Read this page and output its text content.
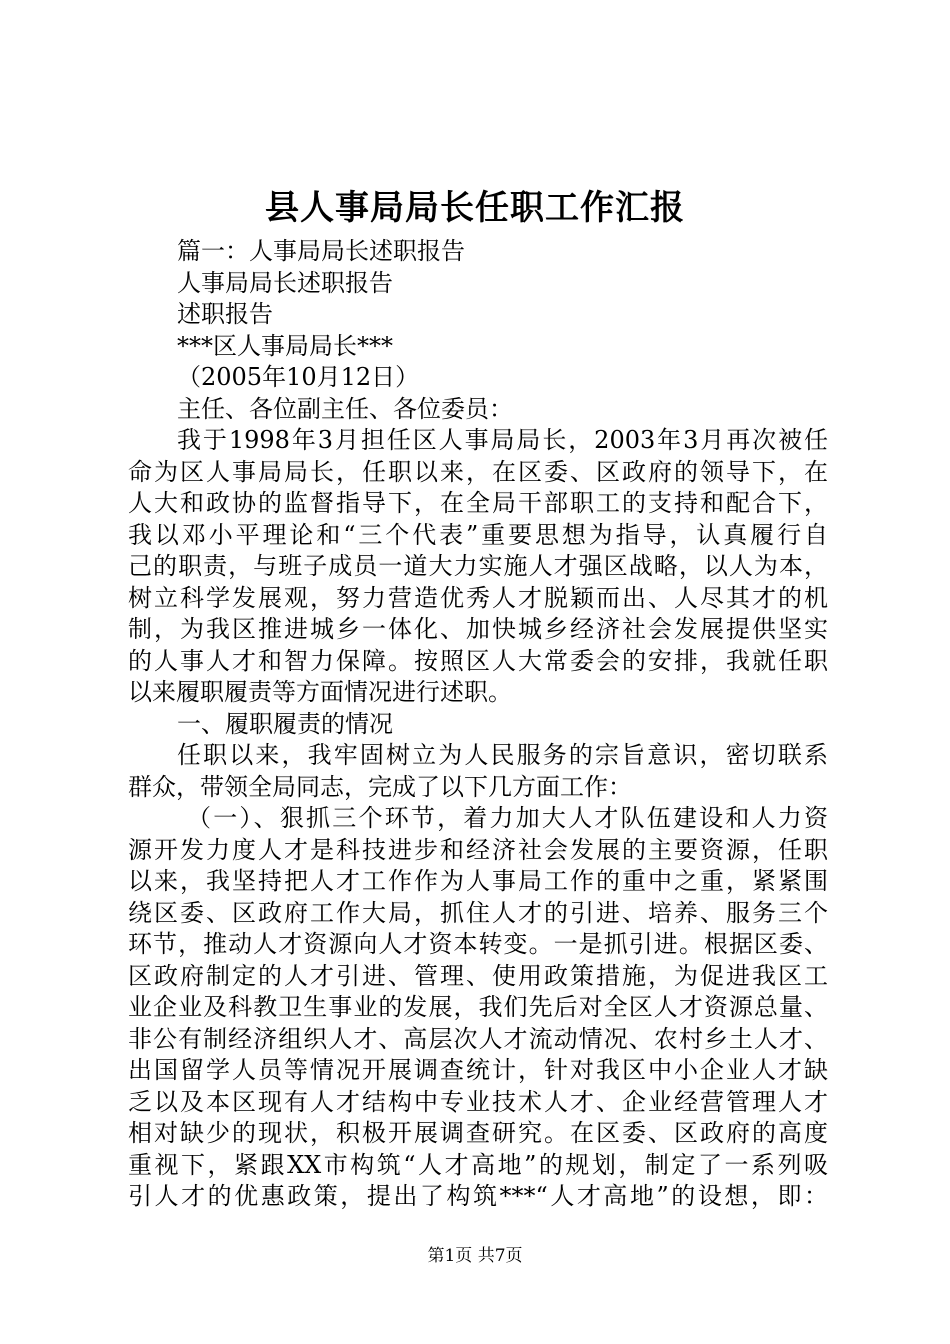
县人事局局长任职工作汇报

篇一：人事局局长述职报告

人事局局长述职报告

述职报告

***区人事局局长***

（2005年10月12日）

主任、各位副主任、各位委员：

我于1998年3月担任区人事局局长，2003年3月再次被任

命为区人事局局长，任职以来，在区委、区政府的领导下，在

人大和政协的监督指导下，在全局干部职工的支持和配合下，

我以邓小平理论和“三个代表”重要思想为指导，认真履行自

己的职责，与班子成员一道大力实施人才强区战略，以人为本，

树立科学发展观，努力营造优秀人才脱颖而出、人尽其才的机

制，为我区推进城乡一体化、加快城乡经济社会发展提供坚实

的人事人才和智力保障。按照区人大常委会的安排，我就任职

以来履职履责等方面情况进行述职。

一、履职履责的情况

任职以来，我牢固树立为人民服务的宗旨意识，密切联系

群众，带领全局同志，完成了以下几方面工作：

（一）、狠抓三个环节，着力加大人才队伍建设和人力资

源开发力度人才是科技进步和经济社会发展的主要资源，任职

以来，我坚持把人才工作作为人事局工作的重中之重，紧紧围

绕区委、区政府工作大局，抓住人才的引进、培养、服务三个

环节，推动人才资源向人才资本转变。一是抓引进。根据区委、

区政府制定的人才引进、管理、使用政策措施，为促进我区工

业企业及科教卫生事业的发展，我们先后对全区人才资源总量、

非公有制经济组织人才、高层次人才流动情况、农村乡土人才、

出国留学人员等情况开展调查统计，针对我区中小企业人才缺

乏以及本区现有人才结构中专业技术人才、企业经营管理人才

相对缺少的现状，积极开展调查研究。在区委、区政府的高度

重视下，紧跟XX市构筑“人才高地”的规划，制定了一系列吸

引人才的优惠政策，提出了构筑***“人才高地”的设想，即：

第1页 共7页
